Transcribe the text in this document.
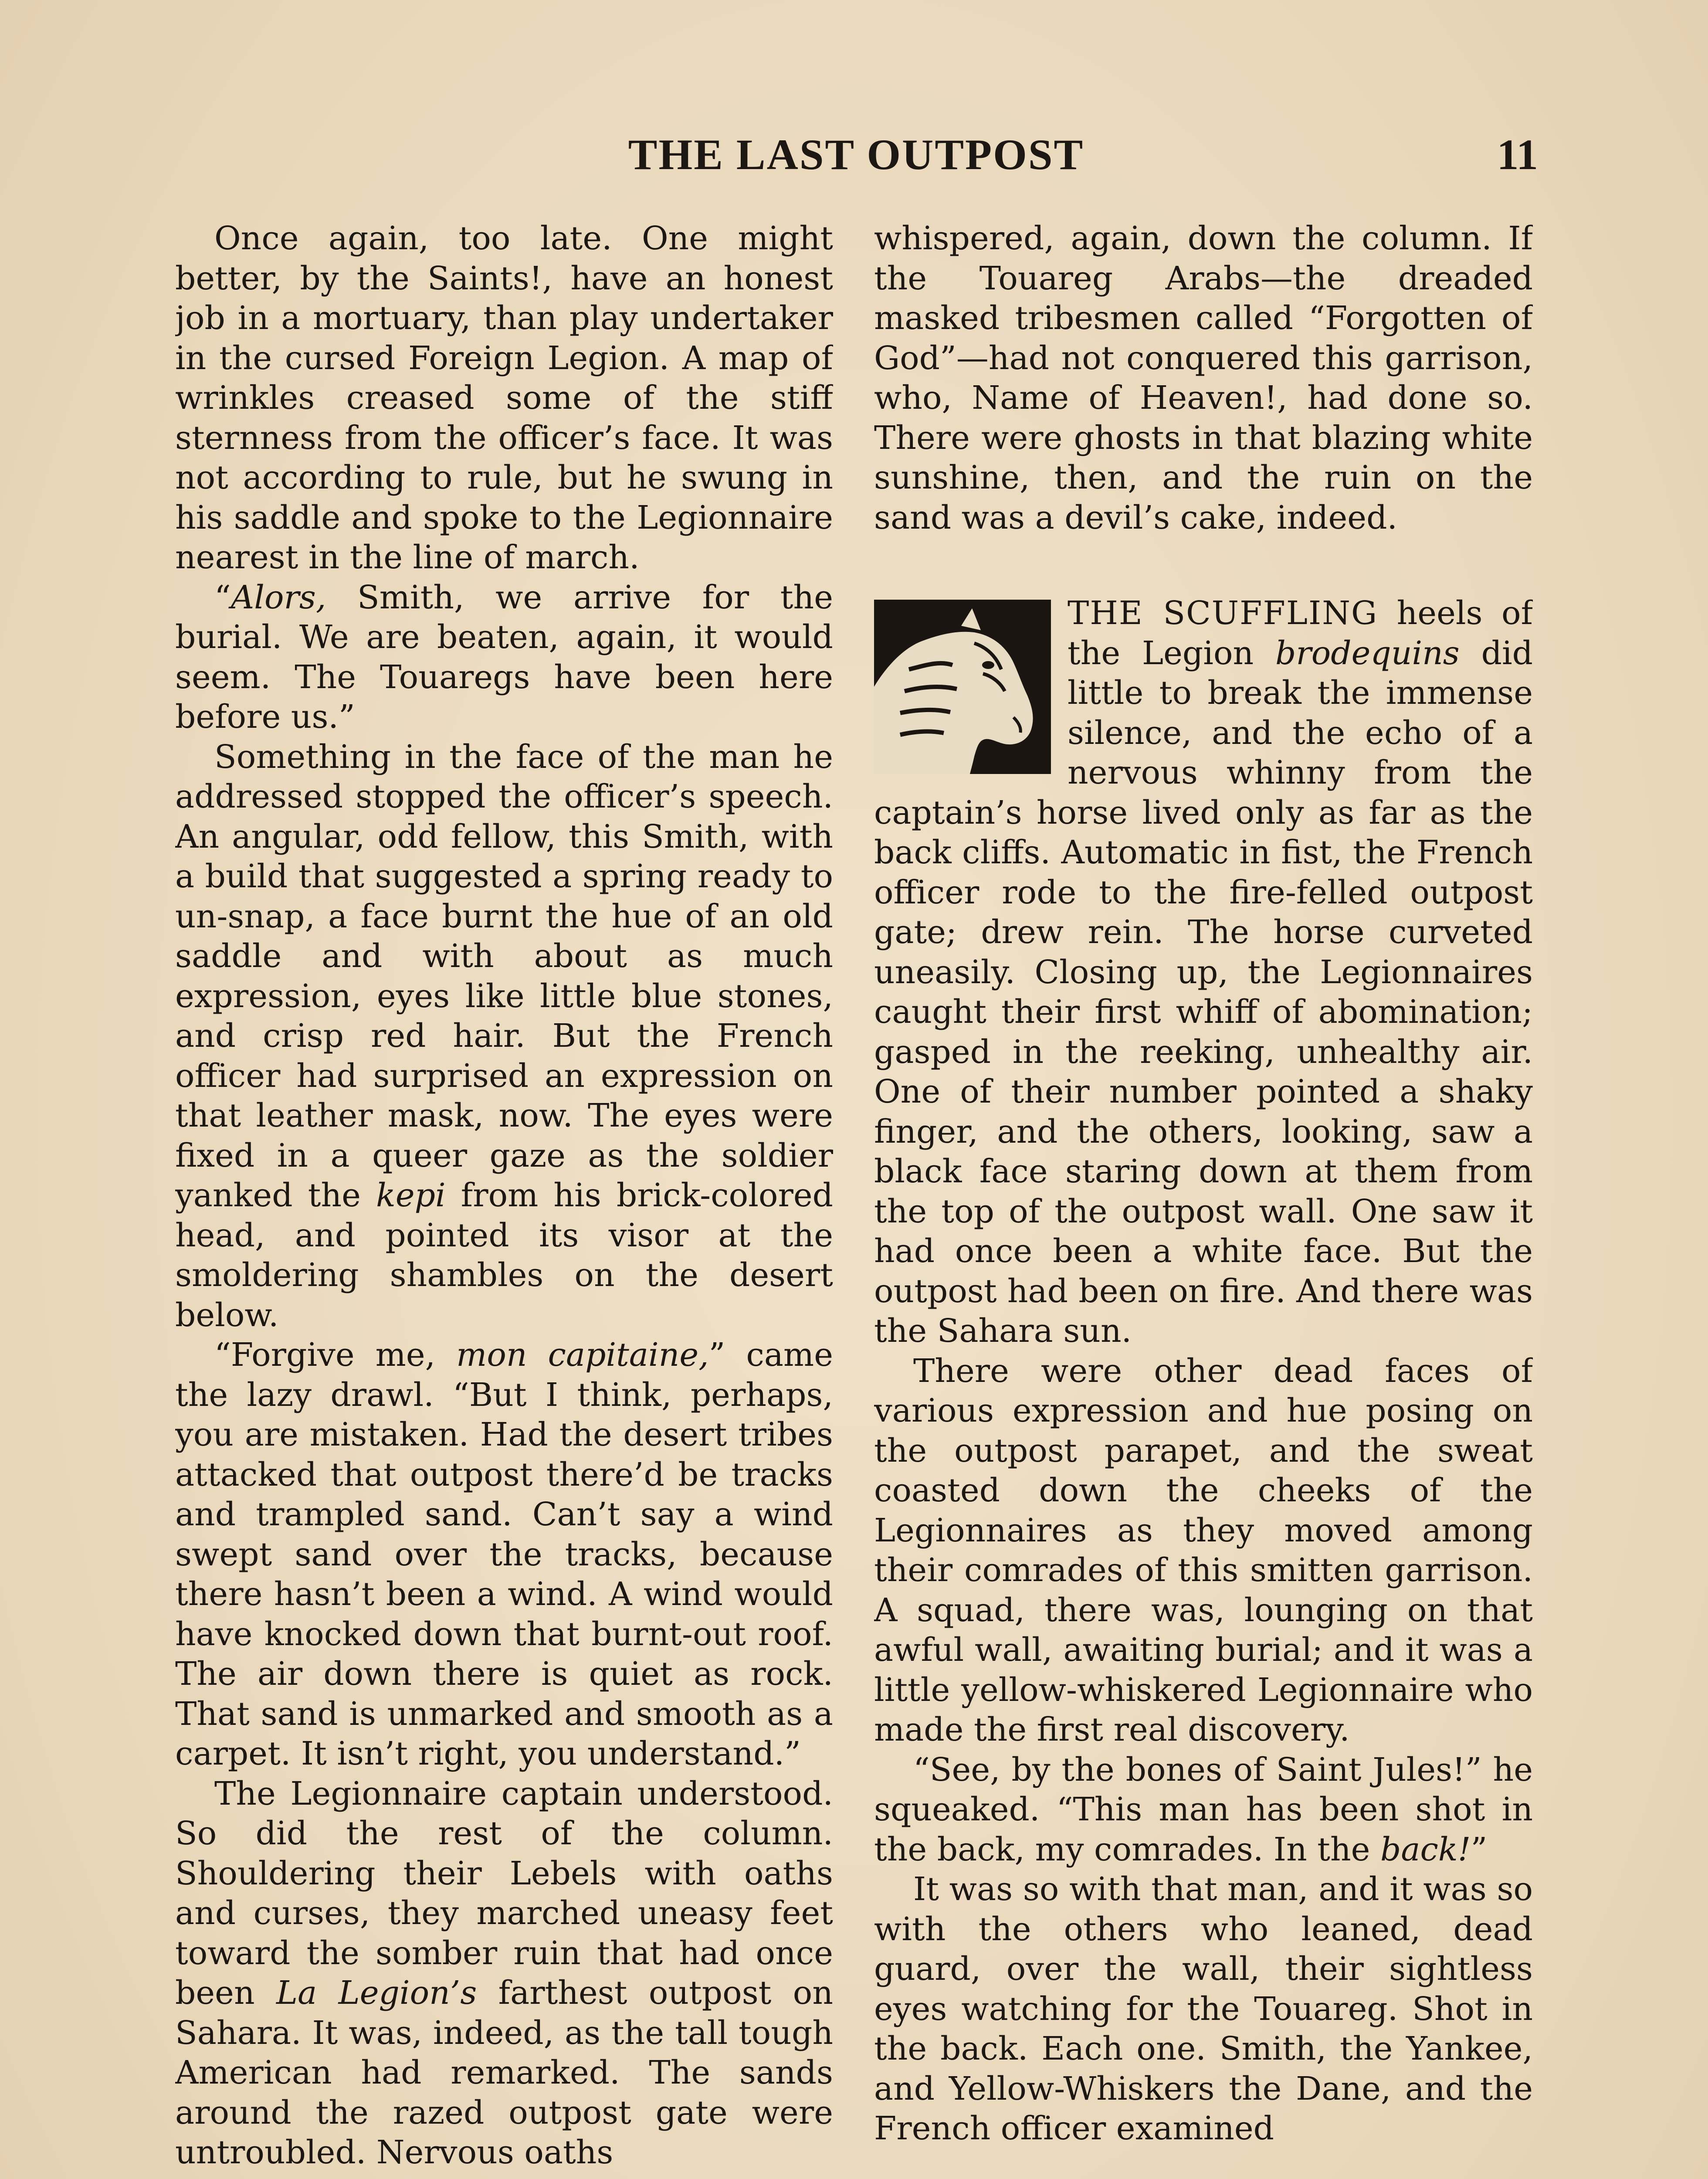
THE LAST OUTPOST	11

Once again, too late. One might better, by the Saints!, have an honest job in a mortuary, than play undertaker in the cursed Foreign Legion. A map of wrinkles creased some of the stiff sternness from the officer’s face. It was not according to rule, but he swung in his saddle and spoke to the Legionnaire nearest in the line of march.

“Alors, Smith, we arrive for the burial. We are beaten, again, it would seem. The Touaregs have been here before us.”

Something in the face of the man he addressed stopped the officer’s speech. An angular, odd fellow, this Smith, with a build that suggested a spring ready to un-snap, a face burnt the hue of an old saddle and with about as much expression, eyes like little blue stones, and crisp red hair. But the French officer had surprised an expression on that leather mask, now. The eyes were fixed in a queer gaze as the soldier yanked the kepi from his brick-colored head, and pointed its visor at the smoldering shambles on the desert below.

“Forgive me, mon capitaine,” came the lazy drawl. “But I think, perhaps, you are mistaken. Had the desert tribes attacked that outpost there’d be tracks and trampled sand. Can’t say a wind swept sand over the tracks, because there hasn’t been a wind. A wind would have knocked down that burnt-out roof. The air down there is quiet as rock. That sand is unmarked and smooth as a carpet. It isn’t right, you understand.”

The Legionnaire captain understood. So did the rest of the column. Shouldering their Lebels with oaths and curses, they marched uneasy feet toward the somber ruin that had once been La Legion’s farthest outpost on Sahara. It was, indeed, as the tall tough American had remarked. The sands around the razed outpost gate were untroubled. Nervous oaths

whispered, again, down the column. If the Touareg Arabs—the dreaded masked tribesmen called “Forgotten of God”—had not conquered this garrison, who, Name of Heaven!, had done so. There were ghosts in that blazing white sunshine, then, and the ruin on the sand was a devil’s cake, indeed.

THE SCUFFLING heels of the Legion brodequins did little to break the immense silence, and the echo of a nervous whinny from the captain’s horse lived only as far as the back cliffs. Automatic in fist, the French officer rode to the fire-felled outpost gate; drew rein. The horse curveted uneasily. Closing up, the Legionnaires caught their first whiff of abomination; gasped in the reeking, unhealthy air. One of their number pointed a shaky finger, and the others, looking, saw a black face staring down at them from the top of the outpost wall. One saw it had once been a white face. But the outpost had been on fire. And there was the Sahara sun.

There were other dead faces of various expression and hue posing on the outpost parapet, and the sweat coasted down the cheeks of the Legionnaires as they moved among their comrades of this smitten garrison. A squad, there was, lounging on that awful wall, awaiting burial; and it was a little yellow-whiskered Legionnaire who made the first real discovery.

“See, by the bones of Saint Jules!” he squeaked. “This man has been shot in the back, my comrades. In the back!”

It was so with that man, and it was so with the others who leaned, dead guard, over the wall, their sightless eyes watching for the Touareg. Shot in the back. Each one. Smith, the Yankee, and Yellow-Whiskers the Dane, and the French officer examined
